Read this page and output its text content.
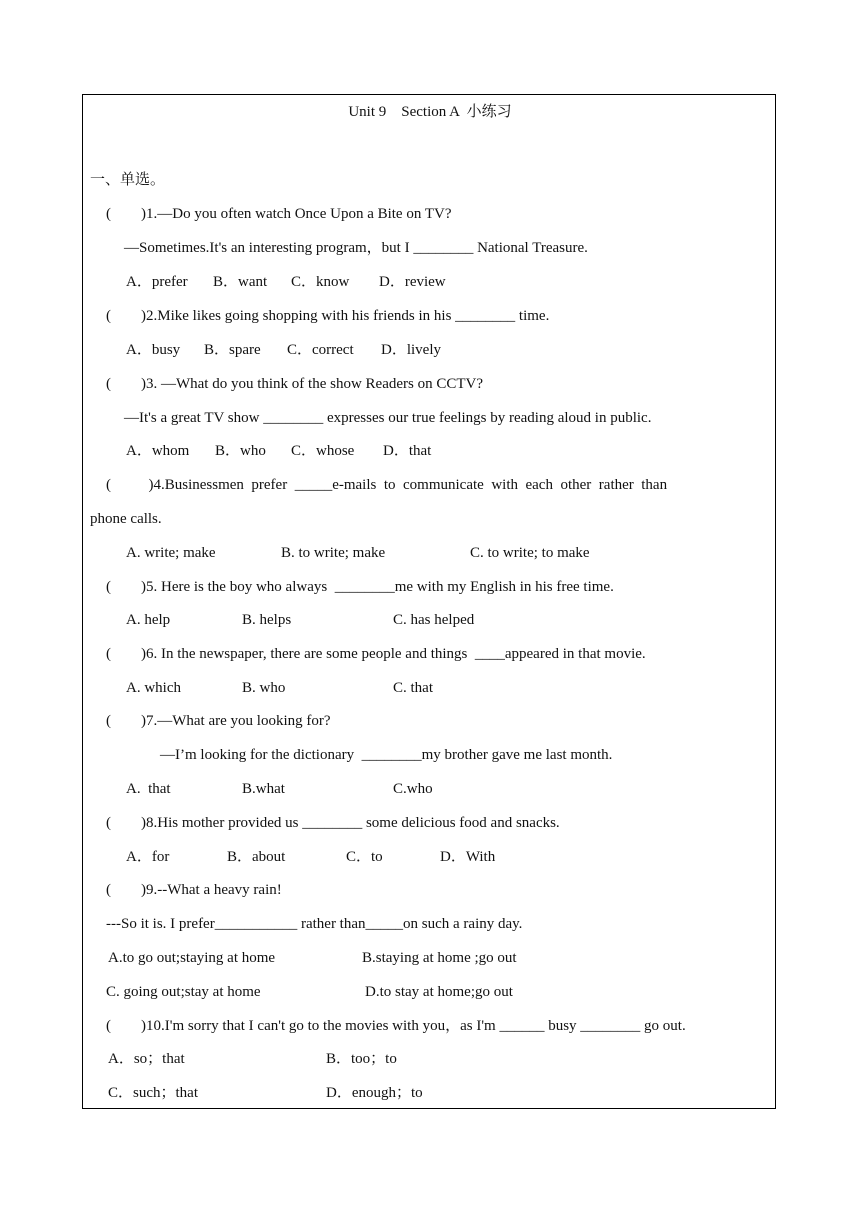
Unit 9    Section A  小练习
一、单选。
(        )1.—Do you often watch Once Upon a Bite on TV?
—Sometimes.It's an interesting program，but I ________ National Treasure.
A．prefer B．want C．know D．review
(        )2.Mike likes going shopping with his friends in his ________ time.
A．busy B．spare C．correct D．lively
(        )3. —What do you think of the show Readers on CCTV?
—It's a great TV show ________ expresses our true feelings by reading aloud in public.
A．whom B．who C．whose D．that
(          )4.Businessmen  prefer  _____e-mails  to  communicate  with  each  other  rather  than
phone calls.
A. write; make	B. to write; make	C. to write; to make
(        )5. Here is the boy who always  ________me with my English in his free time.
A. help	B. helps	C. has helped
(        )6. In the newspaper, there are some people and things  ____appeared in that movie.
A. which	B. who	C. that
(        )7.—What are you looking for?
—I’m looking for the dictionary  ________my brother gave me last month.
A.  that	B.what	C.who
(        )8.His mother provided us ________ some delicious food and snacks.
A．for	B．about	C．to	D．With
(        )9.--What a heavy rain!
---So it is. I prefer___________ rather than_____on such a rainy day.
A.to go out;staying at home	B.staying at home ;go out
C. going out;stay at home	D.to stay at home;go out
(        )10.I'm sorry that I can't go to the movies with you，as I'm ______ busy ________ go out.
A．so；that	B．too；to
C．such；that	D．enough；to
